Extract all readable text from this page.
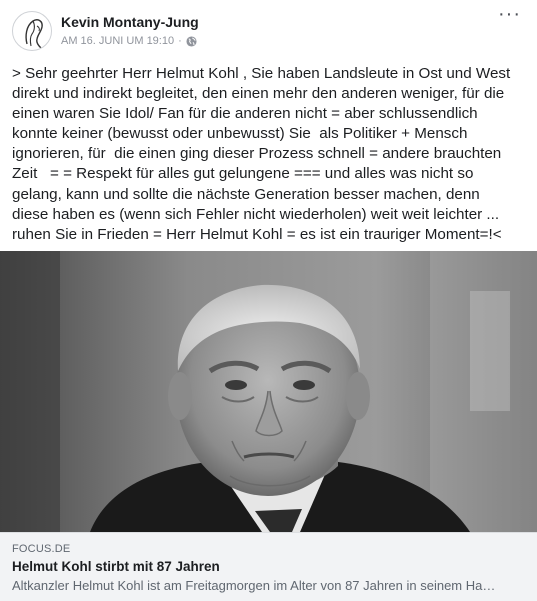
Kevin Montany-Jung
AM 16. JUNI UM 19:10 ·
···
> Sehr geehrter Herr Helmut Kohl , Sie haben Landsleute in Ost und West
direkt und indirekt begleitet, den einen mehr den anderen weniger, für die
einen waren Sie Idol/ Fan für die anderen nicht = aber schlussendlich
konnte keiner (bewusst oder unbewusst) Sie  als Politiker + Mensch
ignorieren, für  die einen ging dieser Prozess schnell = andere brauchten
Zeit   = = Respekt für alles gut gelungene === und alles was nicht so
gelang, kann und sollte die nächste Generation besser machen, denn
diese haben es (wenn sich Fehler nicht wiederholen) weit weit leichter ...
ruhen Sie in Frieden = Herr Helmut Kohl = es ist ein trauriger Moment=!<
FOCUS.DE
Helmut Kohl stirbt mit 87 Jahren
Altkanzler Helmut Kohl ist am Freitagmorgen im Alter von 87 Jahren in seinem Ha…
